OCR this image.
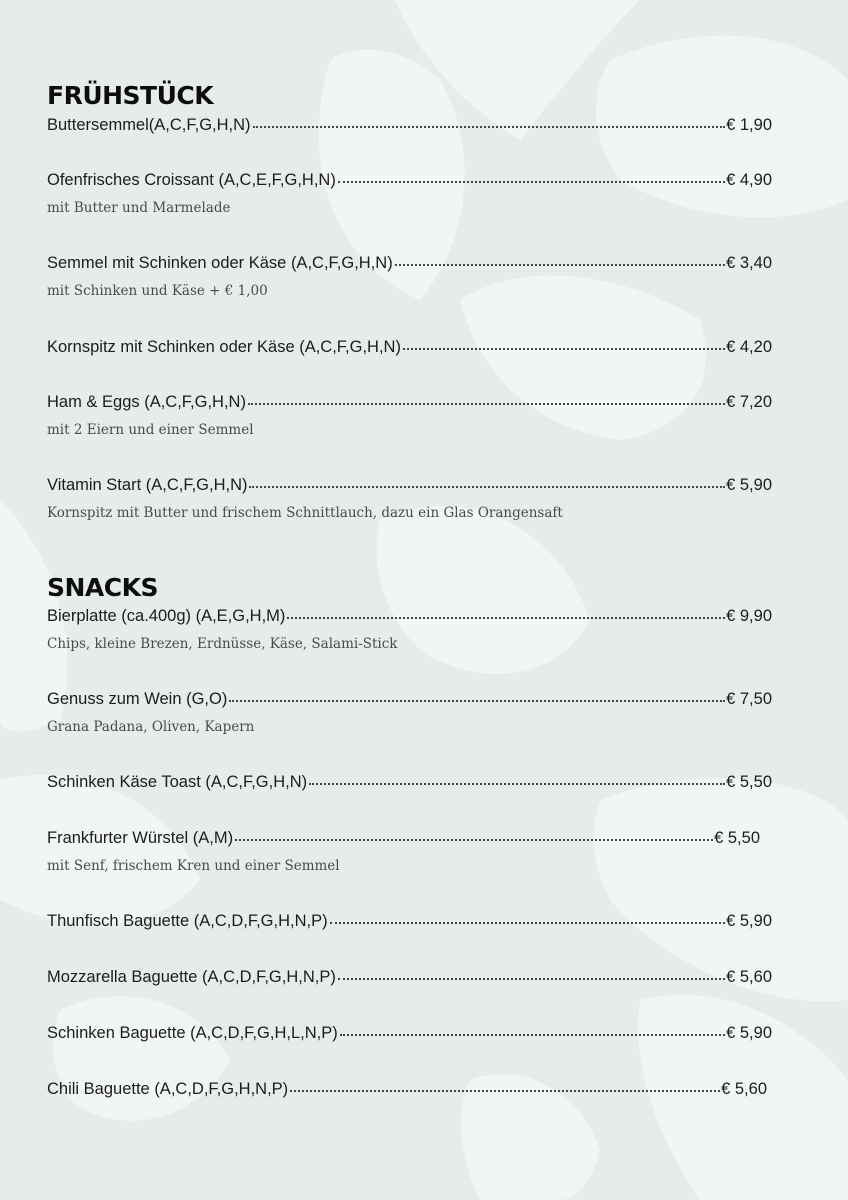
FRÜHSTÜCK
Buttersemmel(A,C,F,G,H,N)	€ 1,90
Ofenfrisches Croissant (A,C,E,F,G,H,N)	€ 4,90
mit Butter und Marmelade
Semmel mit Schinken oder Käse (A,C,F,G,H,N)	€ 3,40
mit Schinken und Käse + € 1,00
Kornspitz mit Schinken oder Käse (A,C,F,G,H,N)	€ 4,20
Ham & Eggs (A,C,F,G,H,N)	€ 7,20
mit 2 Eiern und einer Semmel
Vitamin Start (A,C,F,G,H,N)	€ 5,90
Kornspitz mit Butter und frischem Schnittlauch, dazu ein Glas Orangensaft
SNACKS
Bierplatte (ca.400g) (A,E,G,H,M)	€ 9,90
Chips, kleine Brezen, Erdnüsse, Käse, Salami-Stick
Genuss zum Wein (G,O)	€ 7,50
Grana Padana, Oliven, Kapern
Schinken Käse Toast (A,C,F,G,H,N)	€ 5,50
Frankfurter Würstel (A,M)	€ 5,50
mit Senf, frischem Kren und einer Semmel
Thunfisch Baguette (A,C,D,F,G,H,N,P)	€ 5,90
Mozzarella Baguette (A,C,D,F,G,H,N,P)	€ 5,60
Schinken Baguette (A,C,D,F,G,H,L,N,P)	€ 5,90
Chili Baguette (A,C,D,F,G,H,N,P)	€ 5,60
